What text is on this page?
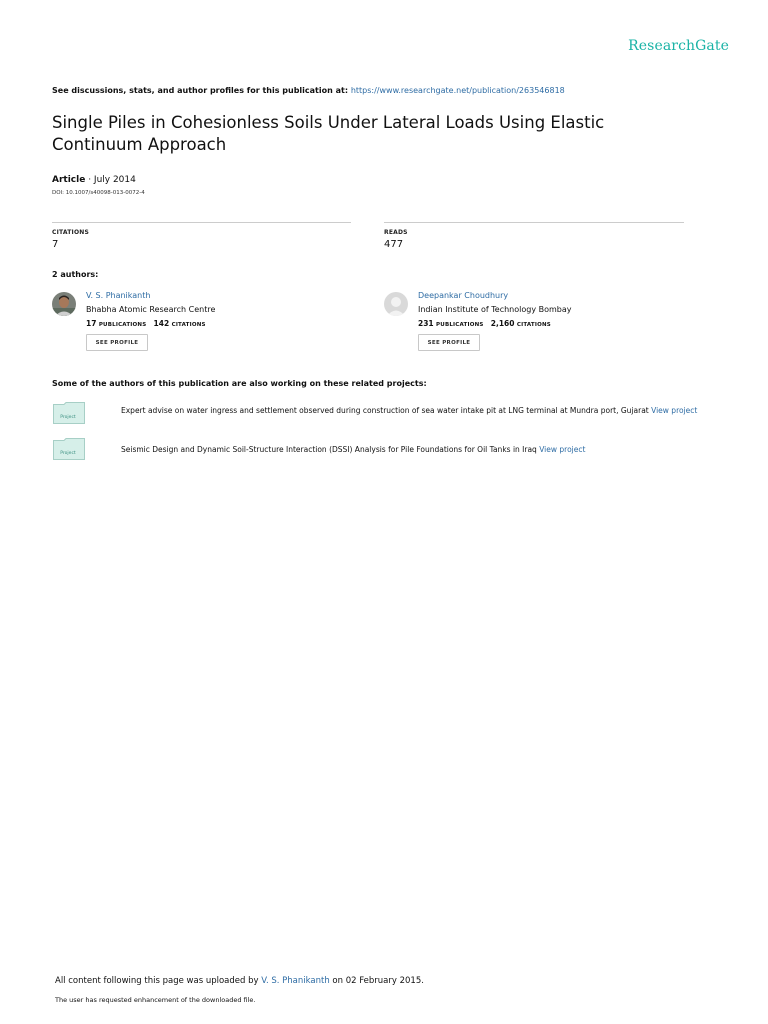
ResearchGate
See discussions, stats, and author profiles for this publication at: https://www.researchgate.net/publication/263546818
Single Piles in Cohesionless Soils Under Lateral Loads Using Elastic Continuum Approach
Article · July 2014
DOI: 10.1007/s40098-013-0072-4
CITATIONS
7
READS
477
2 authors:
V. S. Phanikanth
Bhabha Atomic Research Centre
17 PUBLICATIONS 142 CITATIONS
SEE PROFILE
Deepankar Choudhury
Indian Institute of Technology Bombay
231 PUBLICATIONS 2,160 CITATIONS
SEE PROFILE
Some of the authors of this publication are also working on these related projects:
Project
Expert advise on water ingress and settlement observed during construction of sea water intake pit at LNG terminal at Mundra port, Gujarat View project
Project	Seismic Design and Dynamic Soil-Structure Interaction (DSSI) Analysis for Pile Foundations for Oil Tanks in Iraq View project
All content following this page was uploaded by V. S. Phanikanth on 02 February 2015.
The user has requested enhancement of the downloaded file.
